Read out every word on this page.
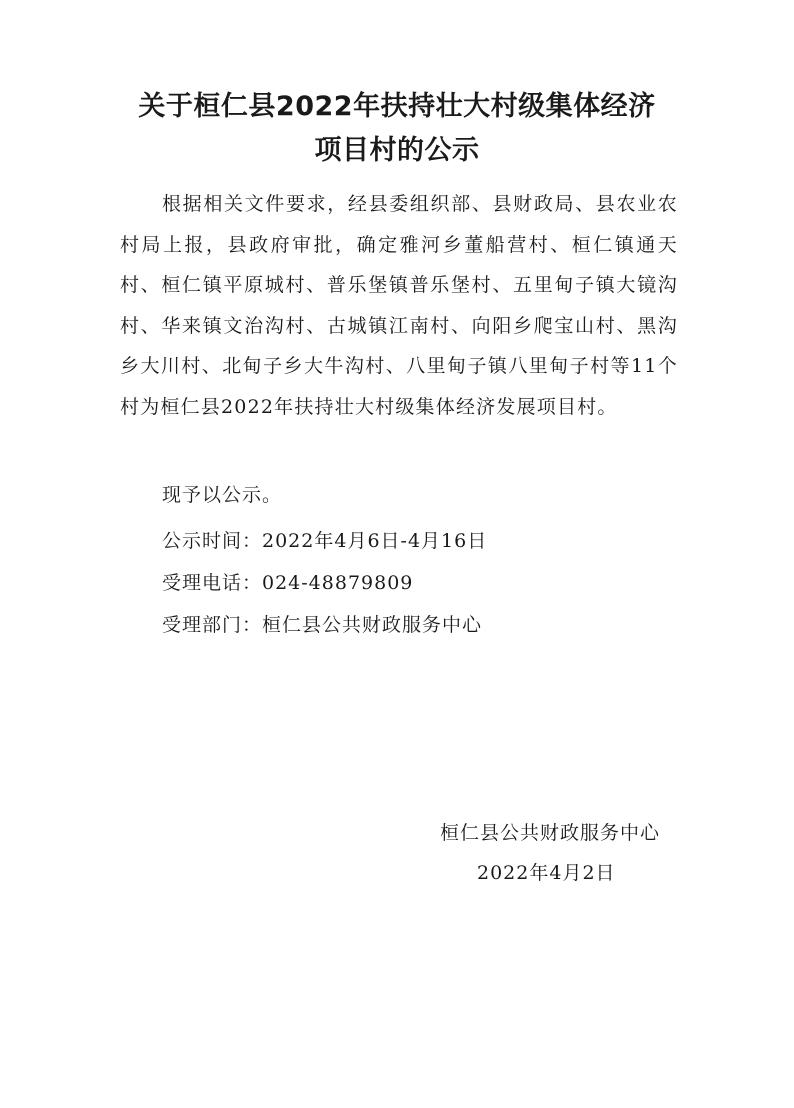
关于桓仁县2022年扶持壮大村级集体经济
项目村的公示

根据相关文件要求，经县委组织部、县财政局、县农业农村局上报，县政府审批，确定雅河乡董船营村、桓仁镇通天村、桓仁镇平原城村、普乐堡镇普乐堡村、五里甸子镇大镜沟村、华来镇文治沟村、古城镇江南村、向阳乡爬宝山村、黑沟乡大川村、北甸子乡大牛沟村、八里甸子镇八里甸子村等11个村为桓仁县2022年扶持壮大村级集体经济发展项目村。

现予以公示。

公示时间：2022年4月6日-4月16日

受理电话：024-48879809

受理部门：桓仁县公共财政服务中心

桓仁县公共财政服务中心

2022年4月2日
